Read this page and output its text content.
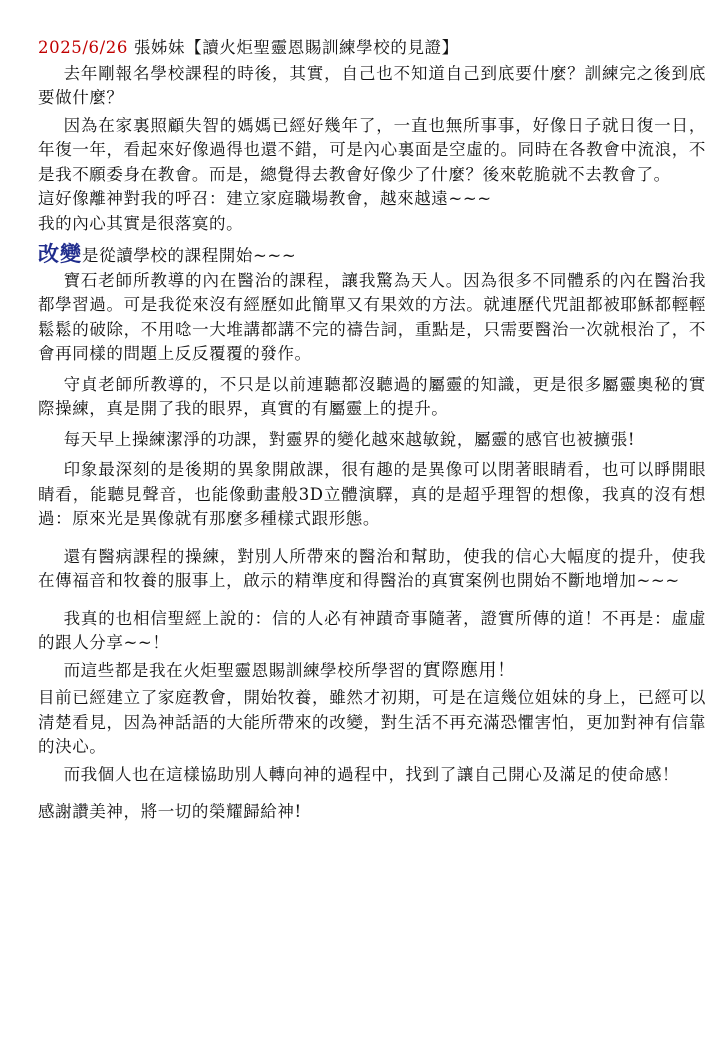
2025/6/26 張姊妹【讀火炬聖靈恩賜訓練學校的見證】

去年剛報名學校課程的時後，其實，自己也不知道自己到底要什麼？訓練完之後到底要做什麼？

因為在家裏照顧失智的媽媽已經好幾年了，一直也無所事事，好像日子就日復一日，年復一年，看起來好像過得也還不錯，可是內心裏面是空虛的。同時在各教會中流浪，不是我不願委身在教會。而是，總覺得去教會好像少了什麼？後來乾脆就不去教會了。

這好像離神對我的呼召：建立家庭職場教會，越來越遠~~~

我的內心其實是很落寞的。

改變是從讀學校的課程開始~~~

寶石老師所教導的內在醫治的課程，讓我驚為天人。因為很多不同體系的內在醫治我都學習過。可是我從來沒有經歷如此簡單又有果效的方法。就連歷代咒詛都被耶穌都輕輕鬆鬆的破除，不用唸一大堆講都講不完的禱告詞，重點是，只需要醫治一次就根治了，不會再同樣的問題上反反覆覆的發作。

守貞老師所教導的，不只是以前連聽都沒聽過的屬靈的知識，更是很多屬靈奧秘的實際操練，真是開了我的眼界，真實的有屬靈上的提升。

每天早上操練潔淨的功課，對靈界的變化越來越敏銳，屬靈的感官也被擴張!

印象最深刻的是後期的異象開啟課，很有趣的是異像可以閉著眼睛看，也可以睜開眼睛看，能聽見聲音，也能像動畫般3D立體演驛，真的是超乎理智的想像，我真的沒有想過：原來光是異像就有那麼多種樣式跟形態。

還有醫病課程的操練，對別人所帶來的醫治和幫助，使我的信心大幅度的提升，使我在傳福音和牧養的服事上，啟示的精準度和得醫治的真實案例也開始不斷地增加~~~

我真的也相信聖經上說的：信的人必有神蹟奇事隨著，證實所傳的道！不再是：虛虛的跟人分享~~！

而這些都是我在火炬聖靈恩賜訓練學校所學習的實際應用！

目前已經建立了家庭教會，開始牧養，雖然才初期，可是在這幾位姐妹的身上，已經可以清楚看見，因為神話語的大能所帶來的改變，對生活不再充滿恐懼害怕，更加對神有信靠的決心。

而我個人也在這樣協助別人轉向神的過程中，找到了讓自己開心及滿足的使命感！

感謝讚美神，將一切的榮耀歸給神!
